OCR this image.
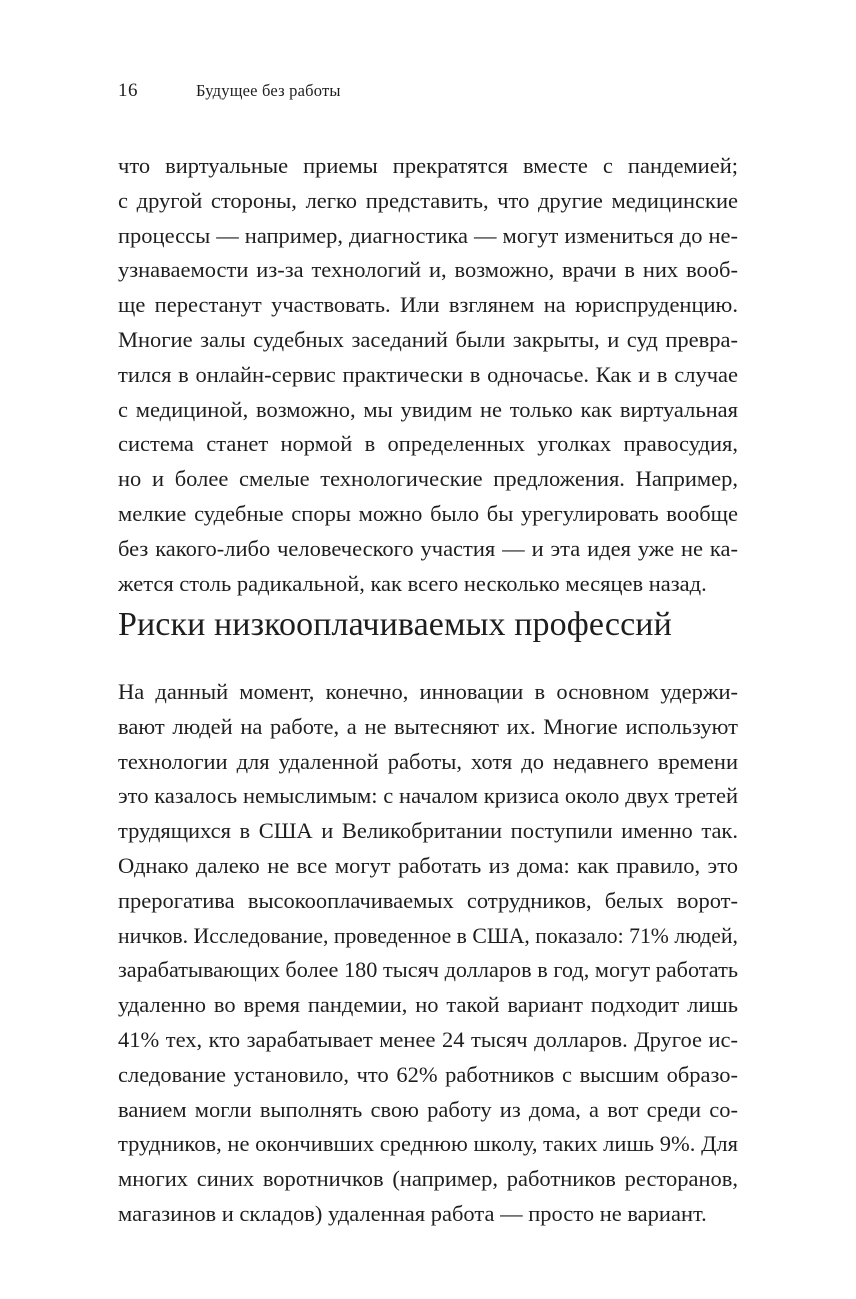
16	Будущее без работы
что виртуальные приемы прекратятся вместе с пандемией;
с другой стороны, легко представить, что другие медицинские
процессы — например, диагностика — могут измениться до не-
узнаваемости из-за технологий и, возможно, врачи в них вооб-
ще перестанут участвовать. Или взглянем на юриспруденцию.
Многие залы судебных заседаний были закрыты, и суд превра-
тился в онлайн-сервис практически в одночасье. Как и в случае
с медициной, возможно, мы увидим не только как виртуальная
система станет нормой в определенных уголках правосудия,
но и более смелые технологические предложения. Например,
мелкие судебные споры можно было бы урегулировать вообще
без какого-либо человеческого участия — и эта идея уже не ка-
жется столь радикальной, как всего несколько месяцев назад.
Риски низкооплачиваемых профессий
На данный момент, конечно, инновации в основном удержи-
вают людей на работе, а не вытесняют их. Многие используют
технологии для удаленной работы, хотя до недавнего времени
это казалось немыслимым: с началом кризиса около двух третей
трудящихся в США и Великобритании поступили именно так.
Однако далеко не все могут работать из дома: как правило, это
прерогатива высокооплачиваемых сотрудников, белых ворот-
ничков. Исследование, проведенное в США, показало: 71% людей,
зарабатывающих более 180 тысяч долларов в год, могут работать
удаленно во время пандемии, но такой вариант подходит лишь
41% тех, кто зарабатывает менее 24 тысяч долларов. Другое ис-
следование установило, что 62% работников с высшим образо-
ванием могли выполнять свою работу из дома, а вот среди со-
трудников, не окончивших среднюю школу, таких лишь 9%. Для
многих синих воротничков (например, работников ресторанов,
магазинов и складов) удаленная работа — просто не вариант.
